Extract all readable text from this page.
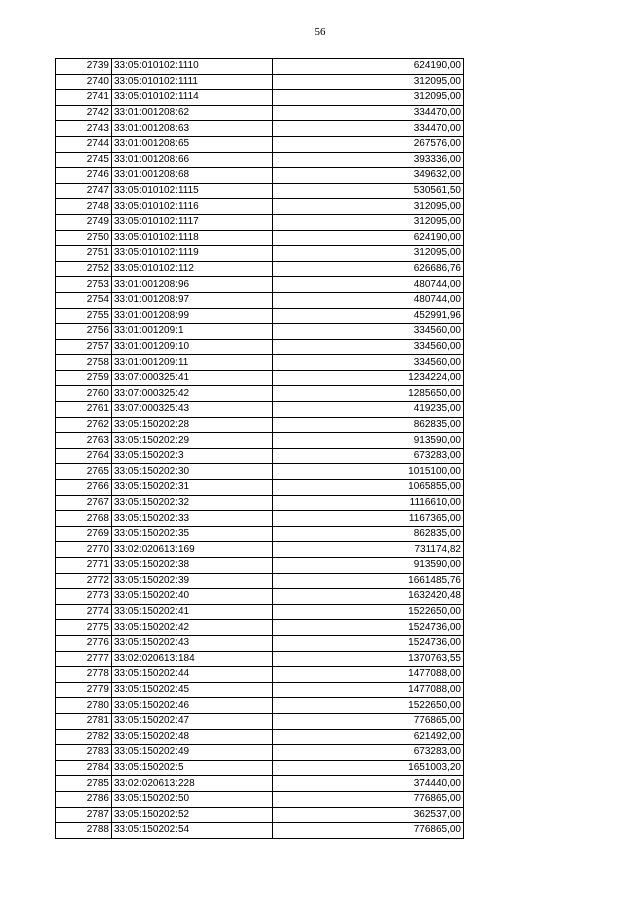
56
2739	33:05:010102:1110	624190,00
2740	33:05:010102:1111	312095,00
2741	33:05:010102:1114	312095,00
2742	33:01:001208:62	334470,00
2743	33:01:001208:63	334470,00
2744	33:01:001208:65	267576,00
2745	33:01:001208:66	393336,00
2746	33:01:001208:68	349632,00
2747	33:05:010102:1115	530561,50
2748	33:05:010102:1116	312095,00
2749	33:05:010102:1117	312095,00
2750	33:05:010102:1118	624190,00
2751	33:05:010102:1119	312095,00
2752	33:05:010102:112	626686,76
2753	33:01:001208:96	480744,00
2754	33:01:001208:97	480744,00
2755	33:01:001208:99	452991,96
2756	33:01:001209:1	334560,00
2757	33:01:001209:10	334560,00
2758	33:01:001209:11	334560,00
2759	33:07:000325:41	1234224,00
2760	33:07:000325:42	1285650,00
2761	33:07:000325:43	419235,00
2762	33:05:150202:28	862835,00
2763	33:05:150202:29	913590,00
2764	33:05:150202:3	673283,00
2765	33:05:150202:30	1015100,00
2766	33:05:150202:31	1065855,00
2767	33:05:150202:32	1116610,00
2768	33:05:150202:33	1167365,00
2769	33:05:150202:35	862835,00
2770	33:02:020613:169	731174,82
2771	33:05:150202:38	913590,00
2772	33:05:150202:39	1661485,76
2773	33:05:150202:40	1632420,48
2774	33:05:150202:41	1522650,00
2775	33:05:150202:42	1524736,00
2776	33:05:150202:43	1524736,00
2777	33:02:020613:184	1370763,55
2778	33:05:150202:44	1477088,00
2779	33:05:150202:45	1477088,00
2780	33:05:150202:46	1522650,00
2781	33:05:150202:47	776865,00
2782	33:05:150202:48	621492,00
2783	33:05:150202:49	673283,00
2784	33:05:150202:5	1651003,20
2785	33:02:020613:228	374440,00
2786	33:05:150202:50	776865,00
2787	33:05:150202:52	362537,00
2788	33:05:150202:54	776865,00
